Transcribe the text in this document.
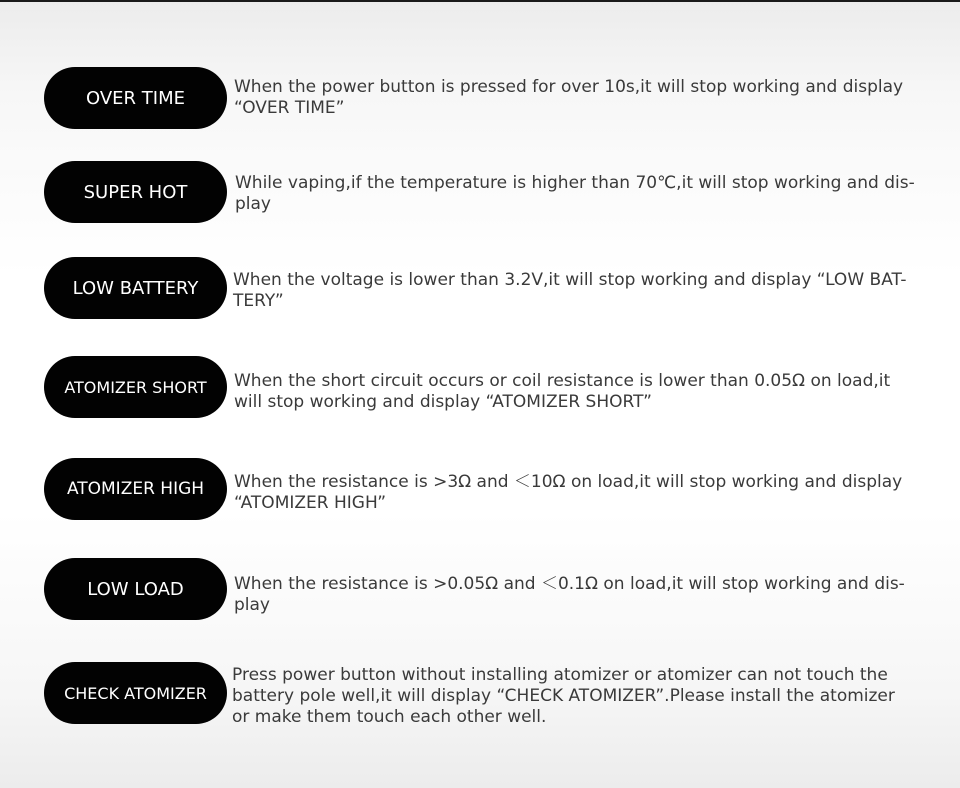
OVER TIME

When the power button is pressed for over 10s,it will stop working and display
“OVER TIME”

SUPER HOT	While vaping,if the temperature is higher than 70℃,it will stop working and dis-
play

LOW BATTERY When the voltage is lower than 3.2V,it will stop working and display “LOW BAT-
TERY”

ATOMIZER SHORT When the short circuit occurs or coil resistance is lower than 0.05Ω on load,it
will stop working and display “ATOMIZER SHORT”

ATOMIZER HIGH When the resistance is >3Ω and ＜10Ω on load,it will stop working and display
“ATOMIZER HIGH”

LOW LOAD	When the resistance is >0.05Ω and ＜0.1Ω on load,it will stop working and dis-
play

CHECK ATOMIZER

Press power button without installing atomizer or atomizer can not touch the
battery pole well,it will display “CHECK ATOMIZER”.Please install the atomizer
or make them touch each other well.
